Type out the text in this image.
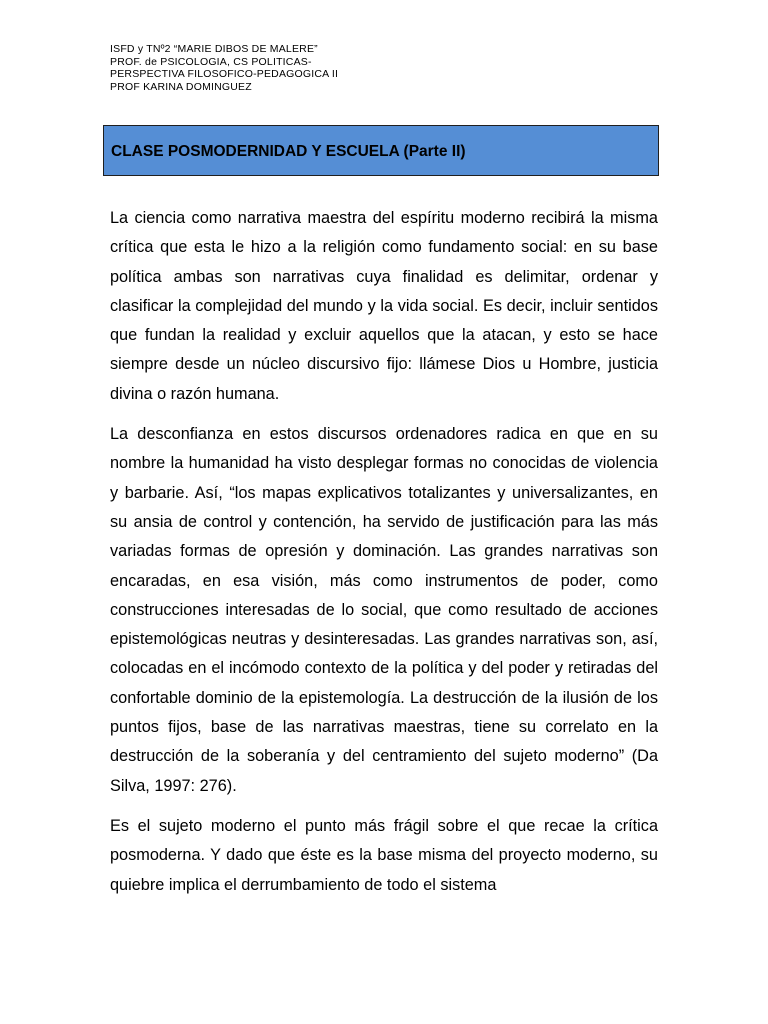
ISFD y TNº2 “MARIE DIBOS DE MALERE”
PROF. de PSICOLOGIA, CS POLITICAS-
PERSPECTIVA FILOSOFICO-PEDAGOGICA II
PROF KARINA DOMINGUEZ
CLASE POSMODERNIDAD Y ESCUELA (Parte II)

La ciencia como narrativa maestra del espíritu moderno recibirá la misma crítica que esta le hizo a la religión como fundamento social: en su base política ambas son narrativas cuya finalidad es delimitar, ordenar y clasificar la complejidad del mundo y la vida social. Es decir, incluir sentidos que fundan la realidad y excluir aquellos que la atacan, y esto se hace siempre desde un núcleo discursivo fijo: llámese Dios u Hombre, justicia divina o razón humana.

La desconfianza en estos discursos ordenadores radica en que en su nombre la humanidad ha visto desplegar formas no conocidas de violencia y barbarie. Así, “los mapas explicativos totalizantes y universalizantes, en su ansia de control y contención, ha servido de justificación para las más variadas formas de opresión y dominación. Las grandes narrativas son encaradas, en esa visión, más como instrumentos de poder, como construcciones interesadas de lo social, que como resultado de acciones epistemológicas neutras y desinteresadas. Las grandes narrativas son, así, colocadas en el incómodo contexto de la política y del poder y retiradas del confortable dominio de la epistemología. La destrucción de la ilusión de los puntos fijos, base de las narrativas maestras, tiene su correlato en la destrucción de la soberanía y del centramiento del sujeto moderno” (Da Silva, 1997: 276).

Es el sujeto moderno el punto más frágil sobre el que recae la crítica posmoderna. Y dado que éste es la base misma del proyecto moderno, su quiebre implica el derrumbamiento de todo el sistema
